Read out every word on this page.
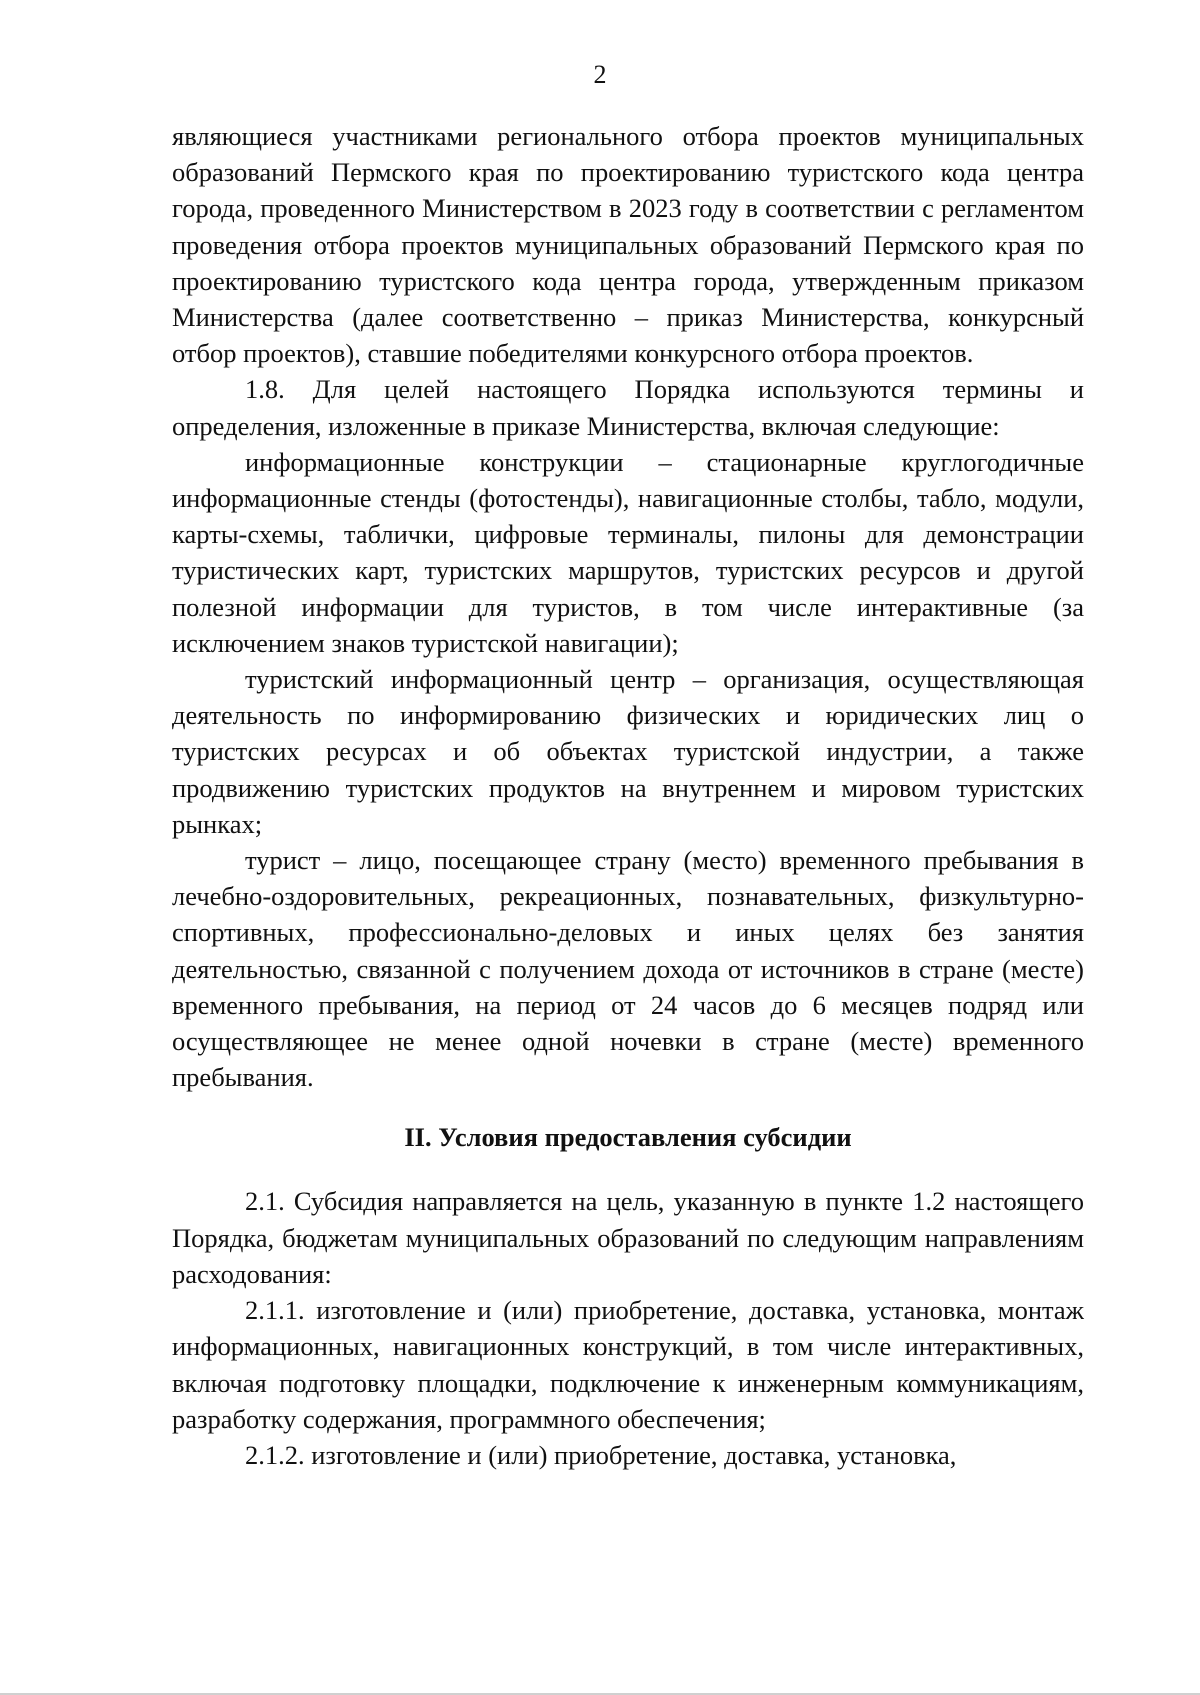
2

являющиеся участниками регионального отбора проектов муниципальных образований Пермского края по проектированию туристского кода центра города, проведенного Министерством в 2023 году в соответствии с регламентом проведения отбора проектов муниципальных образований Пермского края по проектированию туристского кода центра города, утвержденным приказом Министерства (далее соответственно – приказ Министерства, конкурсный отбор проектов), ставшие победителями конкурсного отбора проектов.

1.8. Для целей настоящего Порядка используются термины и определения, изложенные в приказе Министерства, включая следующие:

информационные конструкции – стационарные круглогодичные информационные стенды (фотостенды), навигационные столбы, табло, модули, карты-схемы, таблички, цифровые терминалы, пилоны для демонстрации туристических карт, туристских маршрутов, туристских ресурсов и другой полезной информации для туристов, в том числе интерактивные (за исключением знаков туристской навигации);

туристский информационный центр – организация, осуществляющая деятельность по информированию физических и юридических лиц о туристских ресурсах и об объектах туристской индустрии, а также продвижению туристских продуктов на внутреннем и мировом туристских рынках;

турист – лицо, посещающее страну (место) временного пребывания в лечебно-оздоровительных, рекреационных, познавательных, физкультурно-спортивных, профессионально-деловых и иных целях без занятия деятельностью, связанной с получением дохода от источников в стране (месте) временного пребывания, на период от 24 часов до 6 месяцев подряд или осуществляющее не менее одной ночевки в стране (месте) временного пребывания.

II. Условия предоставления субсидии

2.1. Субсидия направляется на цель, указанную в пункте 1.2 настоящего Порядка, бюджетам муниципальных образований по следующим направлениям расходования:

2.1.1. изготовление и (или) приобретение, доставка, установка, монтаж информационных, навигационных конструкций, в том числе интерактивных, включая подготовку площадки, подключение к инженерным коммуникациям, разработку содержания, программного обеспечения;

2.1.2. изготовление и (или) приобретение, доставка, установка,
